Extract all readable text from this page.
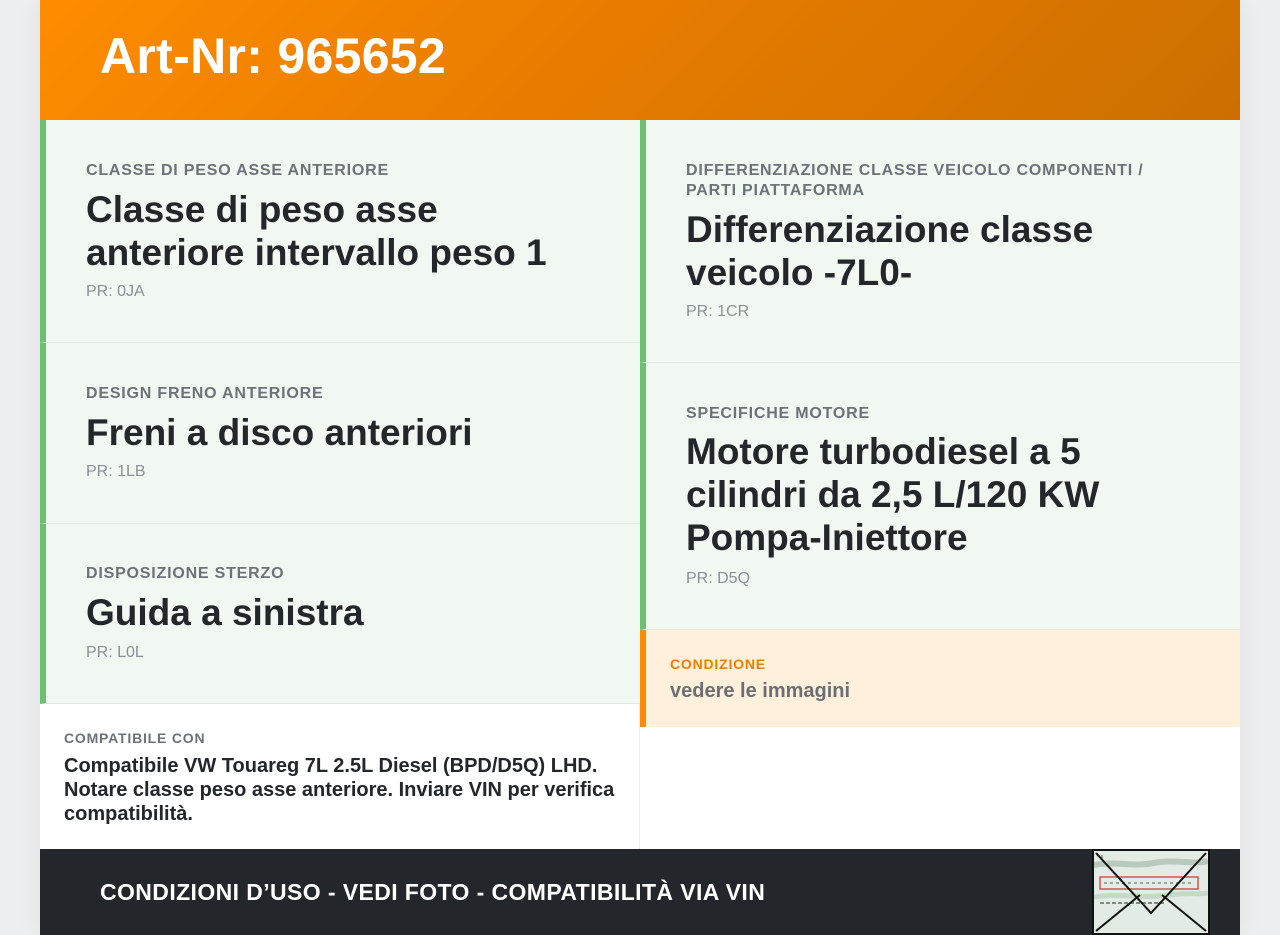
Art-Nr: 965652

CLASSE DI PESO ASSE ANTERIORE

Classe di peso asse anteriore intervallo peso 1

PR: 0JA

DESIGN FRENO ANTERIORE

Freni a disco anteriori

PR: 1LB

DISPOSIZIONE STERZO

Guida a sinistra

PR: L0L

COMPATIBILE CON

Compatibile VW Touareg 7L 2.5L Diesel (BPD/D5Q) LHD. Notare classe peso asse anteriore. Inviare VIN per verifica compatibilità.

DIFFERENZIAZIONE CLASSE VEICOLO COMPONENTI / PARTI PIATTAFORMA

Differenziazione classe veicolo -7L0-

PR: 1CR

SPECIFICHE MOTORE

Motore turbodiesel a 5 cilindri da 2,5 L/120 KW Pompa-Iniettore

PR: D5Q

CONDIZIONE

vedere le immagini

CONDIZIONI D’USO - VEDI FOTO - COMPATIBILITÀ VIA VIN
